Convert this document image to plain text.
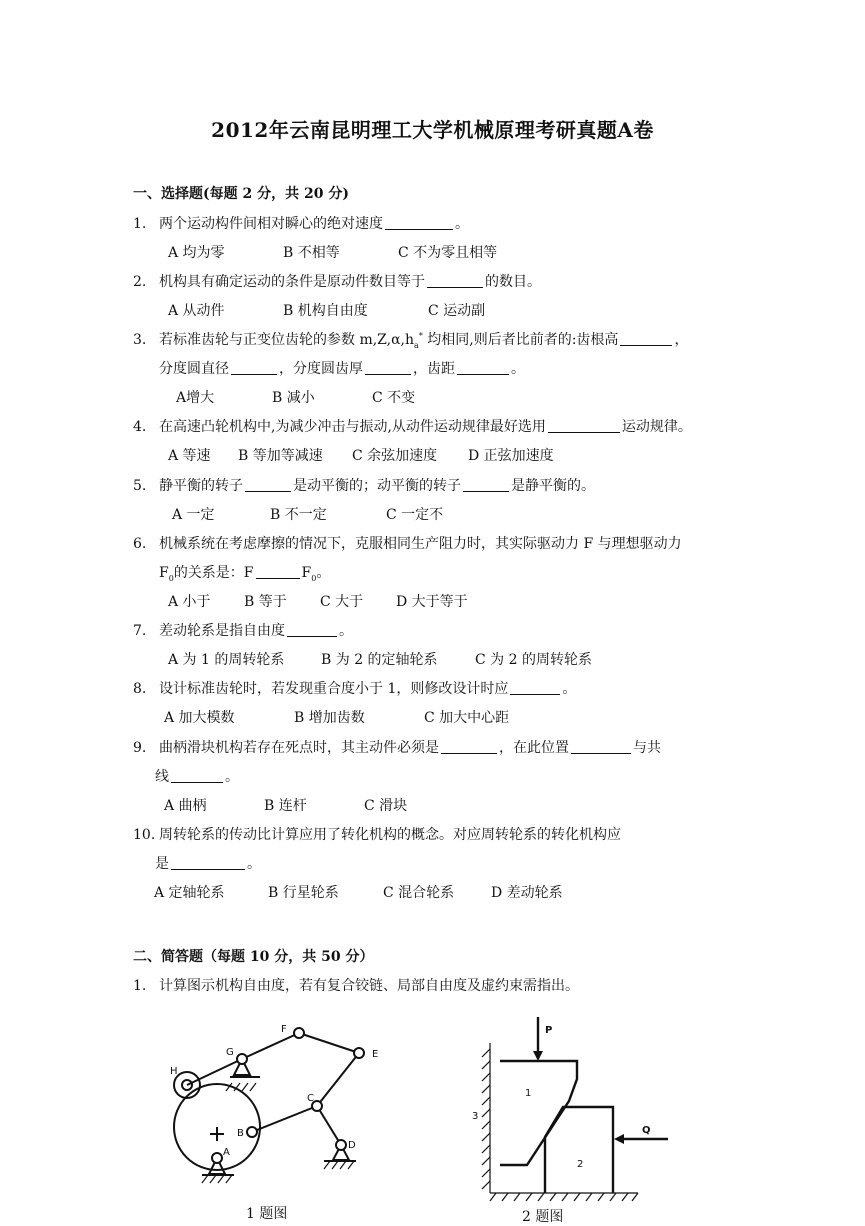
2012年云南昆明理工大学机械原理考研真题A卷
一、选择题(每题 2 分，共 20 分)
1. 两个运动构件间相对瞬心的绝对速度	。
A 均为零	B 不相等	C 不为零且相等
2. 机构具有确定运动的条件是原动件数目等于	的数目。
A 从动件	B 机构自由度	C 运动副
3. 若标准齿轮与正变位齿轮的参数 $m,Z,\alpha,h_a^*$ 均相同,则后者比前者的:齿根高	，
分度圆直径	，分度圆齿厚	，齿距	。
A增大	B 减小	C 不变
4. 在高速凸轮机构中,为减少冲击与振动,从动件运动规律最好选用	运动规律。
A 等速 B 等加等减速 C 余弦加速度 D 正弦加速度
5. 静平衡的转子	是动平衡的；动平衡的转子	是静平衡的。
A 一定	B 不一定	C 一定不
6. 机械系统在考虑摩擦的情况下，克服相同生产阻力时，其实际驱动力 F 与理想驱动力
$F_0$的关系是：F	$F_0$。
A 小于 B 等于 C 大于 D 大于等于
7. 差动轮系是指自由度	。
A 为 1 的周转轮系	B 为 2 的定轴轮系	C 为 2 的周转轮系
8. 设计标准齿轮时，若发现重合度小于 1，则修改设计时应	。
A 加大模数	B 增加齿数	C 加大中心距
9. 曲柄滑块机构若存在死点时，其主动件必须是	，在此位置	与共
线	。
A 曲柄	B 连杆	C 滑块
10. 周转轮系的传动比计算应用了转化机构的概念。对应周转轮系的转化机构应
是	。
A 定轴轮系	B 行星轮系	C 混合轮系	D 差动轮系
二、简答题（每题 10 分，共 50 分）
1. 计算图示机构自由度，若有复合铰链、局部自由度及虚约束需指出。
F
G	E
H
C
B
A
D
1 题图
P
Q
1
2
3
2 题图
